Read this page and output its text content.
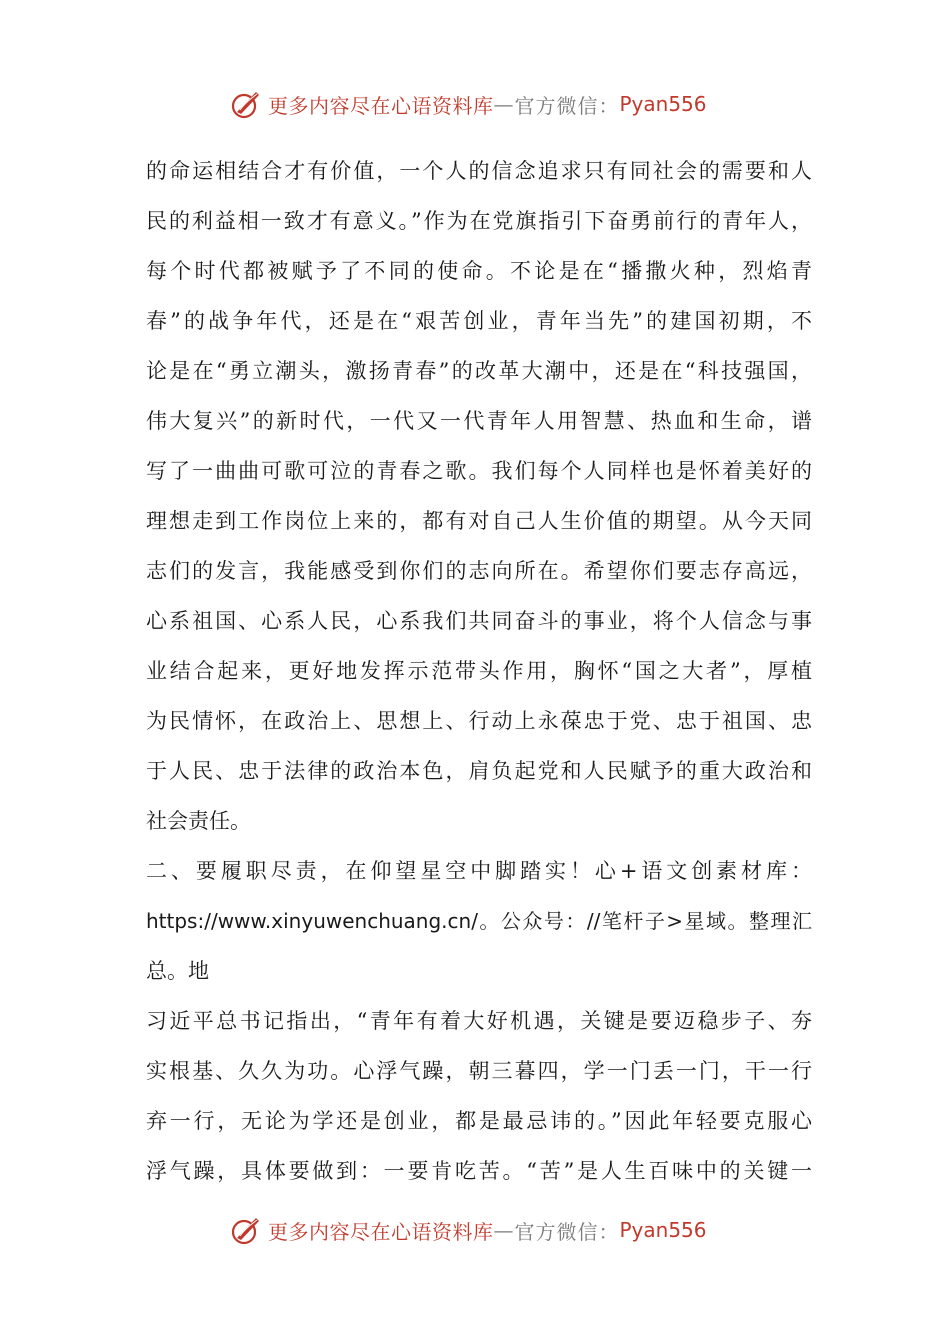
更多内容尽在心语资料库 — 官方微信： Pyan556
的命运相结合才有价值，一个人的信念追求只有同社会的需要和人
民的利益相一致才有意义。”作为在党旗指引下奋勇前行的青年人，
每个时代都被赋予了不同的使命。不论是在“播撒火种，烈焰青
春”的战争年代，还是在“艰苦创业，青年当先”的建国初期，不
论是在“勇立潮头，激扬青春”的改革大潮中，还是在“科技强国，
伟大复兴”的新时代，一代又一代青年人用智慧、热血和生命，谱
写了一曲曲可歌可泣的青春之歌。我们每个人同样也是怀着美好的
理想走到工作岗位上来的，都有对自己人生价值的期望。从今天同
志们的发言，我能感受到你们的志向所在。希望你们要志存高远，
心系祖国、心系人民，心系我们共同奋斗的事业，将个人信念与事
业结合起来，更好地发挥示范带头作用，胸怀“国之大者”，厚植
为民情怀，在政治上、思想上、行动上永葆忠于党、忠于祖国、忠
于人民、忠于法律的政治本色，肩负起党和人民赋予的重大政治和
社会责任。
二、要履职尽责，在仰望星空中脚踏实！心+语文创素材库：
https://www.xinyuwenchuang.cn/。公众号：//笔杆子>星域。整理汇
总。地
习近平总书记指出，“青年有着大好机遇，关键是要迈稳步子、夯
实根基、久久为功。心浮气躁，朝三暮四，学一门丢一门，干一行
弃一行，无论为学还是创业，都是最忌讳的。”因此年轻要克服心
浮气躁，具体要做到：一要肯吃苦。“苦”是人生百味中的关键一
更多内容尽在心语资料库 — 官方微信： Pyan556
